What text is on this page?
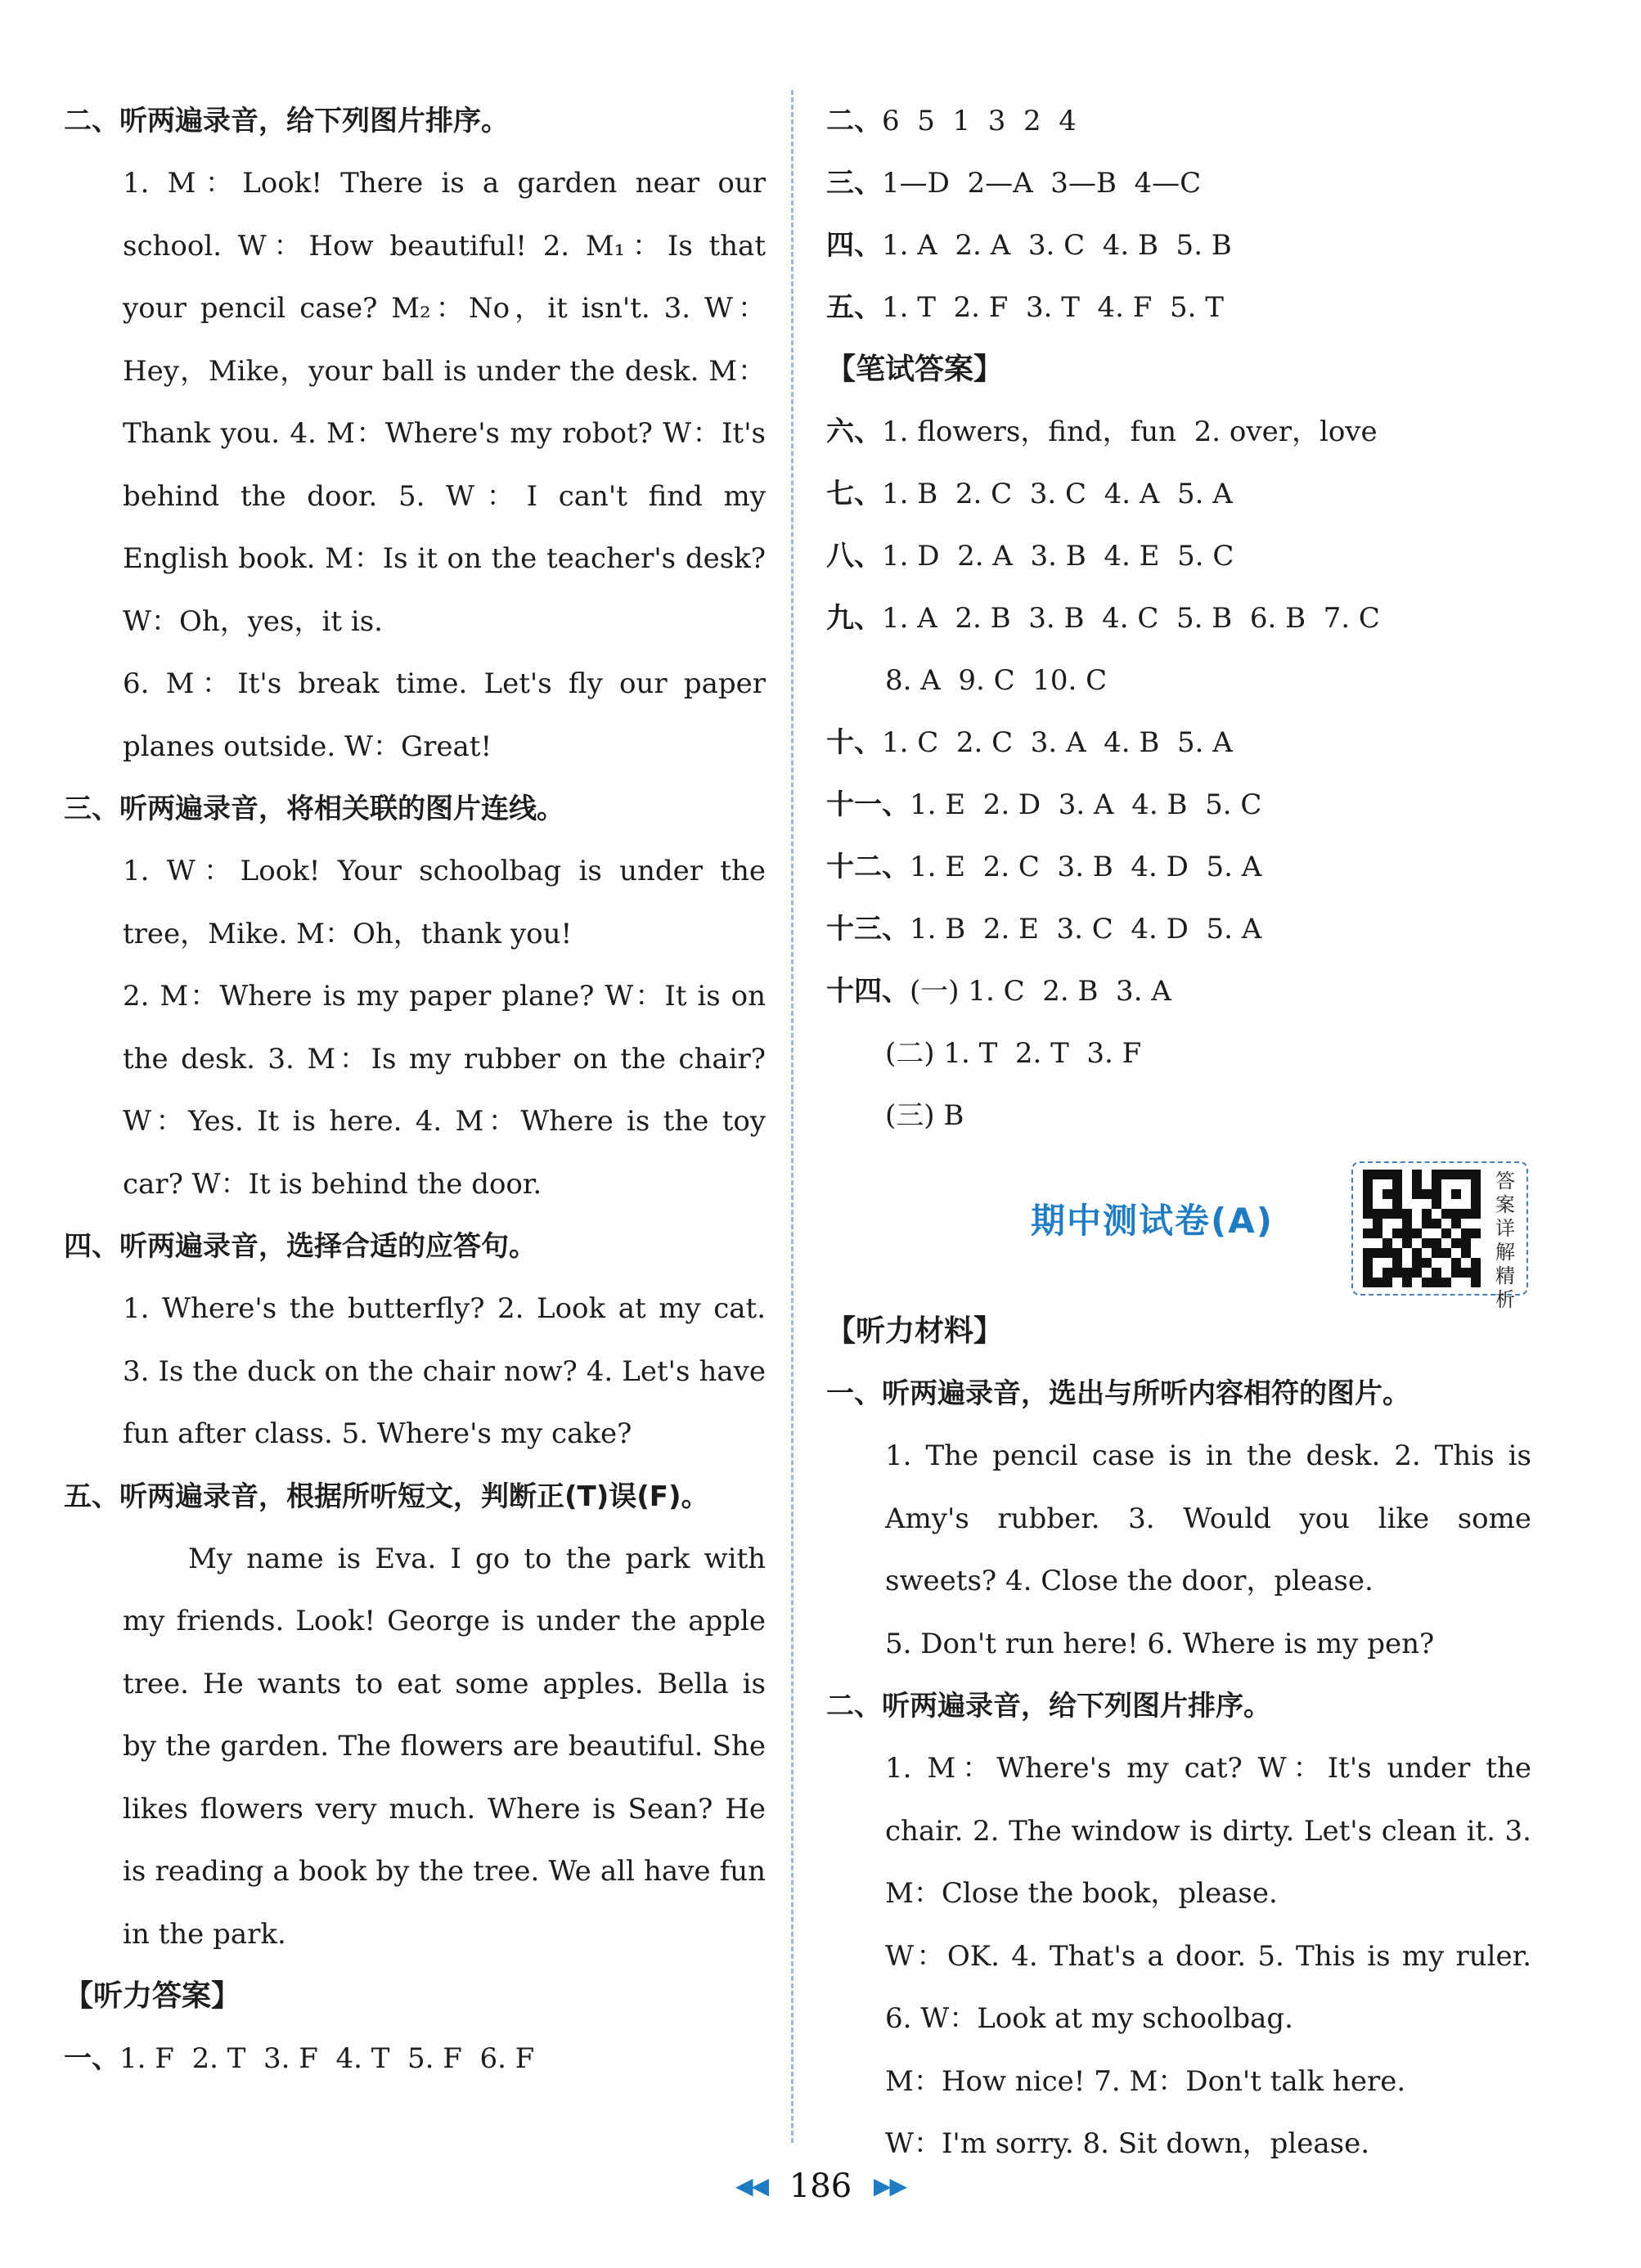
二、听两遍录音，给下列图片排序。
1. M：Look! There is a garden near our school. W：How beautiful! 2. M₁：Is that your pencil case? M₂：No，it isn't. 3. W：Hey，Mike，your ball is under the desk. M：Thank you. 4. M：Where's my robot? W：It's behind the door. 5. W：I can't find my English book. M：Is it on the teacher's desk? W：Oh，yes，it is.
6. M：It's break time. Let's fly our paper planes outside. W：Great!
三、听两遍录音，将相关联的图片连线。
1. W：Look! Your schoolbag is under the tree，Mike. M：Oh，thank you!
2. M：Where is my paper plane? W：It is on the desk. 3. M：Is my rubber on the chair? W：Yes. It is here. 4. M：Where is the toy car? W：It is behind the door.
四、听两遍录音，选择合适的应答句。
1. Where's the butterfly? 2. Look at my cat. 3. Is the duck on the chair now? 4. Let's have fun after class. 5. Where's my cake?
五、听两遍录音，根据所听短文，判断正(T)误(F)。
My name is Eva. I go to the park with my friends. Look! George is under the apple tree. He wants to eat some apples. Bella is by the garden. The flowers are beautiful. She likes flowers very much. Where is Sean? He is reading a book by the tree. We all have fun in the park.
【听力答案】
一、1. F  2. T  3. F  4. T  5. F  6. F
二、6  5  1  3  2  4
三、1—D  2—A  3—B  4—C
四、1. A  2. A  3. C  4. B  5. B
五、1. T  2. F  3. T  4. F  5. T
【笔试答案】
六、1. flowers，find，fun  2. over，love
七、1. B  2. C  3. C  4. A  5. A
八、1. D  2. A  3. B  4. E  5. C
九、1. A  2. B  3. B  4. C  5. B  6. B  7. C
8. A  9. C  10. C
十、1. C  2. C  3. A  4. B  5. A
十一、1. E  2. D  3. A  4. B  5. C
十二、1. E  2. C  3. B  4. D  5. A
十三、1. B  2. E  3. C  4. D  5. A
十四、(一) 1. C  2. B  3. A
(二) 1. T  2. T  3. F
(三) B
期中测试卷(A)
答案详解精析
【听力材料】
一、听两遍录音，选出与所听内容相符的图片。
1. The pencil case is in the desk. 2. This is Amy's rubber. 3. Would you like some sweets? 4. Close the door，please.
5. Don't run here! 6. Where is my pen?
二、听两遍录音，给下列图片排序。
1. M：Where's my cat? W：It's under the chair. 2. The window is dirty. Let's clean it. 3. M：Close the book，please.
W：OK. 4. That's a door. 5. This is my ruler. 6. W：Look at my schoolbag.
M：How nice! 7. M：Don't talk here.
W：I'm sorry. 8. Sit down，please.
◀◀ 186 ▶▶
